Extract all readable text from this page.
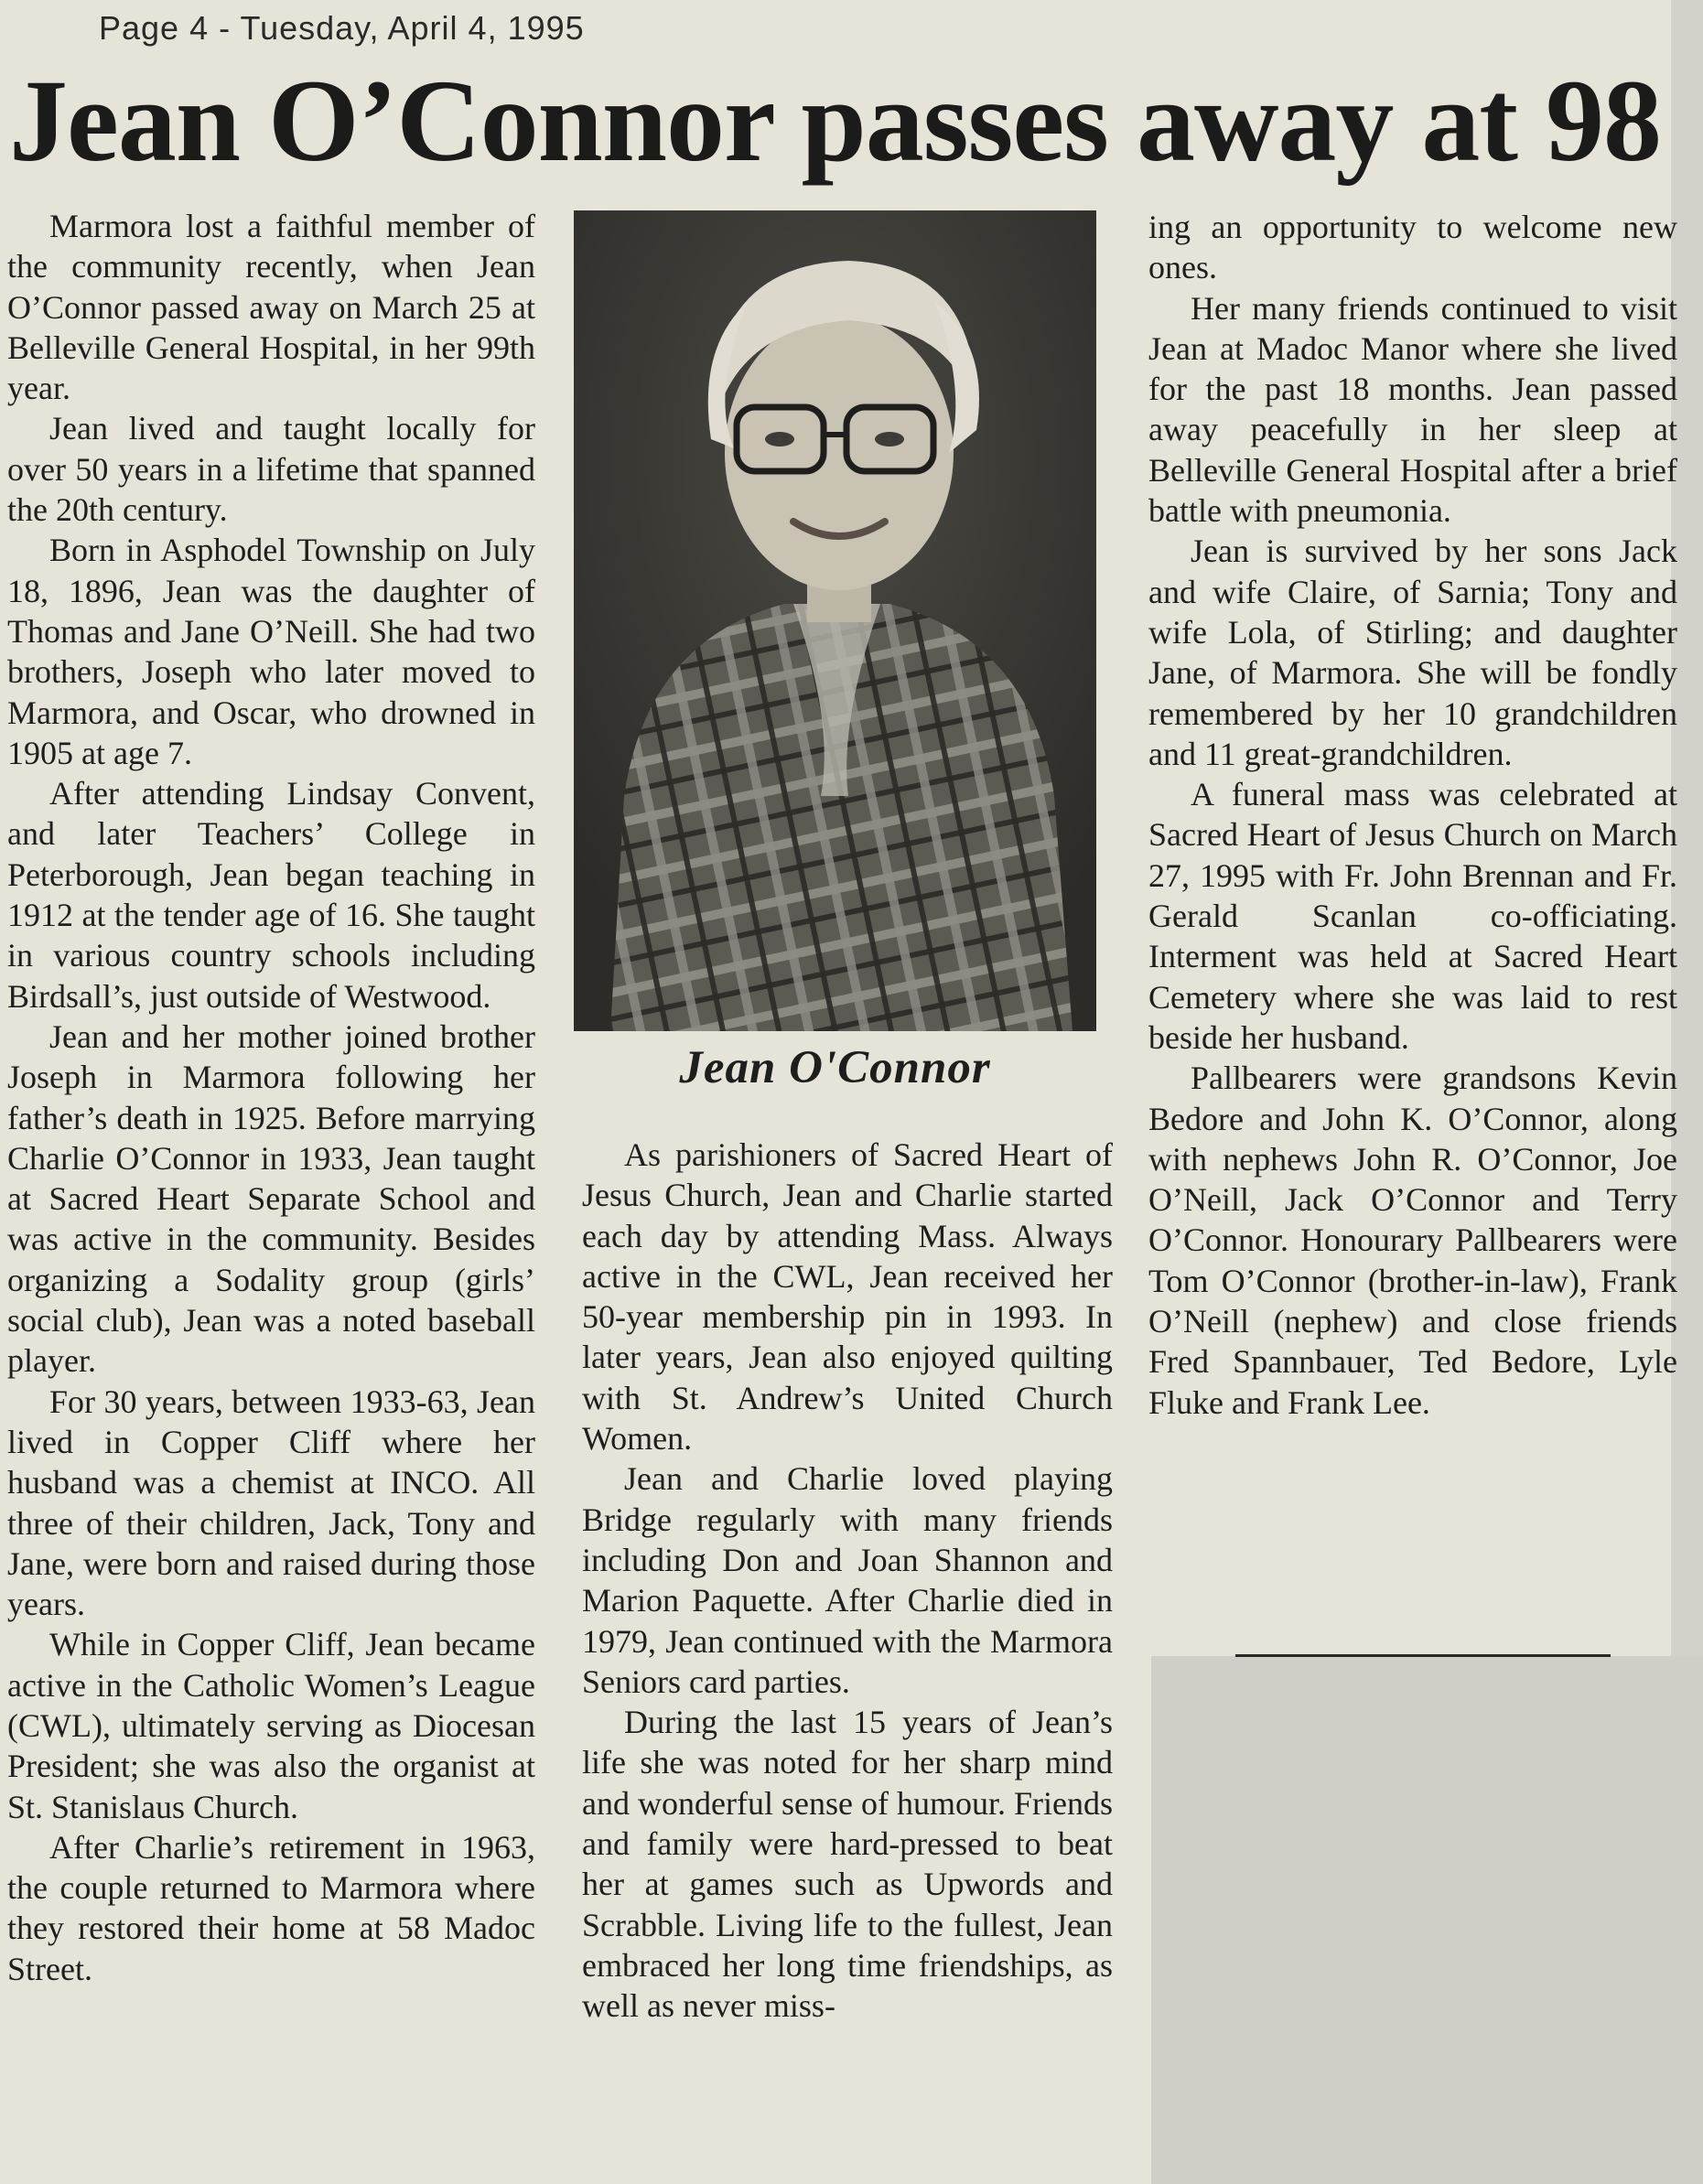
Page 4 - Tuesday, April 4, 1995
Jean O’Connor passes away at 98

Marmora lost a faithful member of the community recently, when Jean O’Connor passed away on March 25 at Belleville General Hospital, in her 99th year.

Jean lived and taught locally for over 50 years in a lifetime that spanned the 20th century.

Born in Asphodel Township on July 18, 1896, Jean was the daughter of Thomas and Jane O’Neill. She had two brothers, Joseph who later moved to Marmora, and Oscar, who drowned in 1905 at age 7.

After attending Lindsay Convent, and later Teachers’ College in Peterborough, Jean began teaching in 1912 at the tender age of 16. She taught in various country schools including Birdsall’s, just outside of Westwood.

Jean and her mother joined brother Joseph in Marmora following her father’s death in 1925. Before marrying Charlie O’Connor in 1933, Jean taught at Sacred Heart Separate School and was active in the community. Besides organizing a Sodality group (girls’ social club), Jean was a noted baseball player.

For 30 years, between 1933-63, Jean lived in Copper Cliff where her husband was a chemist at INCO. All three of their children, Jack, Tony and Jane, were born and raised during those years.

While in Copper Cliff, Jean became active in the Catholic Women’s League (CWL), ultimately serving as Diocesan President; she was also the organist at St. Stanislaus Church.

After Charlie’s retirement in 1963, the couple returned to Marmora where they restored their home at 58 Madoc Street.

Jean O'Connor

As parishioners of Sacred Heart of Jesus Church, Jean and Charlie started each day by attending Mass. Always active in the CWL, Jean received her 50-year membership pin in 1993. In later years, Jean also enjoyed quilting with St. Andrew’s United Church Women.

Jean and Charlie loved playing Bridge regularly with many friends including Don and Joan Shannon and Marion Paquette. After Charlie died in 1979, Jean continued with the Marmora Seniors card parties.

During the last 15 years of Jean’s life she was noted for her sharp mind and wonderful sense of humour. Friends and family were hard-pressed to beat her at games such as Upwords and Scrabble. Living life to the fullest, Jean embraced her long time friendships, as well as never miss-

ing an opportunity to welcome new ones.

Her many friends continued to visit Jean at Madoc Manor where she lived for the past 18 months. Jean passed away peacefully in her sleep at Belleville General Hospital after a brief battle with pneumonia.

Jean is survived by her sons Jack and wife Claire, of Sarnia; Tony and wife Lola, of Stirling; and daughter Jane, of Marmora. She will be fondly remembered by her 10 grandchildren and 11 great-grandchildren.

A funeral mass was celebrated at Sacred Heart of Jesus Church on March 27, 1995 with Fr. John Brennan and Fr. Gerald Scanlan co-officiating. Interment was held at Sacred Heart Cemetery where she was laid to rest beside her husband.

Pallbearers were grandsons Kevin Bedore and John K. O’Connor, along with nephews John R. O’Connor, Joe O’Neill, Jack O’Connor and Terry O’Connor. Honourary Pallbearers were Tom O’Connor (brother-in-law), Frank O’Neill (nephew) and close friends Fred Spannbauer, Ted Bedore, Lyle Fluke and Frank Lee.
